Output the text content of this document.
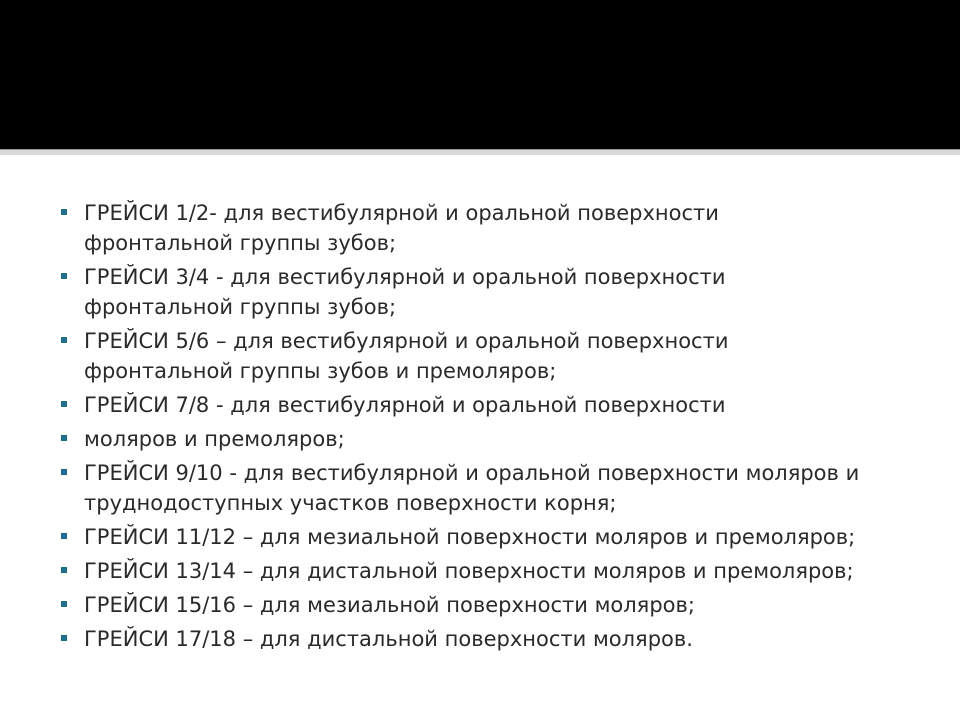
ГРЕЙСИ 1/2- для вестибулярной и оральной поверхности
фронтальной группы зубов;
ГРЕЙСИ 3/4 - для вестибулярной и оральной поверхности
фронтальной группы зубов;
ГРЕЙСИ 5/6 – для вестибулярной и оральной поверхности
фронтальной группы зубов и премоляров;
ГРЕЙСИ 7/8 - для вестибулярной и оральной поверхности
моляров и премоляров;
ГРЕЙСИ 9/10 - для вестибулярной и оральной поверхности моляров и
труднодоступных участков поверхности корня;
ГРЕЙСИ 11/12 – для мезиальной поверхности моляров и премоляров;
ГРЕЙСИ 13/14 – для дистальной поверхности моляров и премоляров;
ГРЕЙСИ 15/16 – для мезиальной поверхности моляров;
ГРЕЙСИ 17/18 – для дистальной поверхности моляров.
